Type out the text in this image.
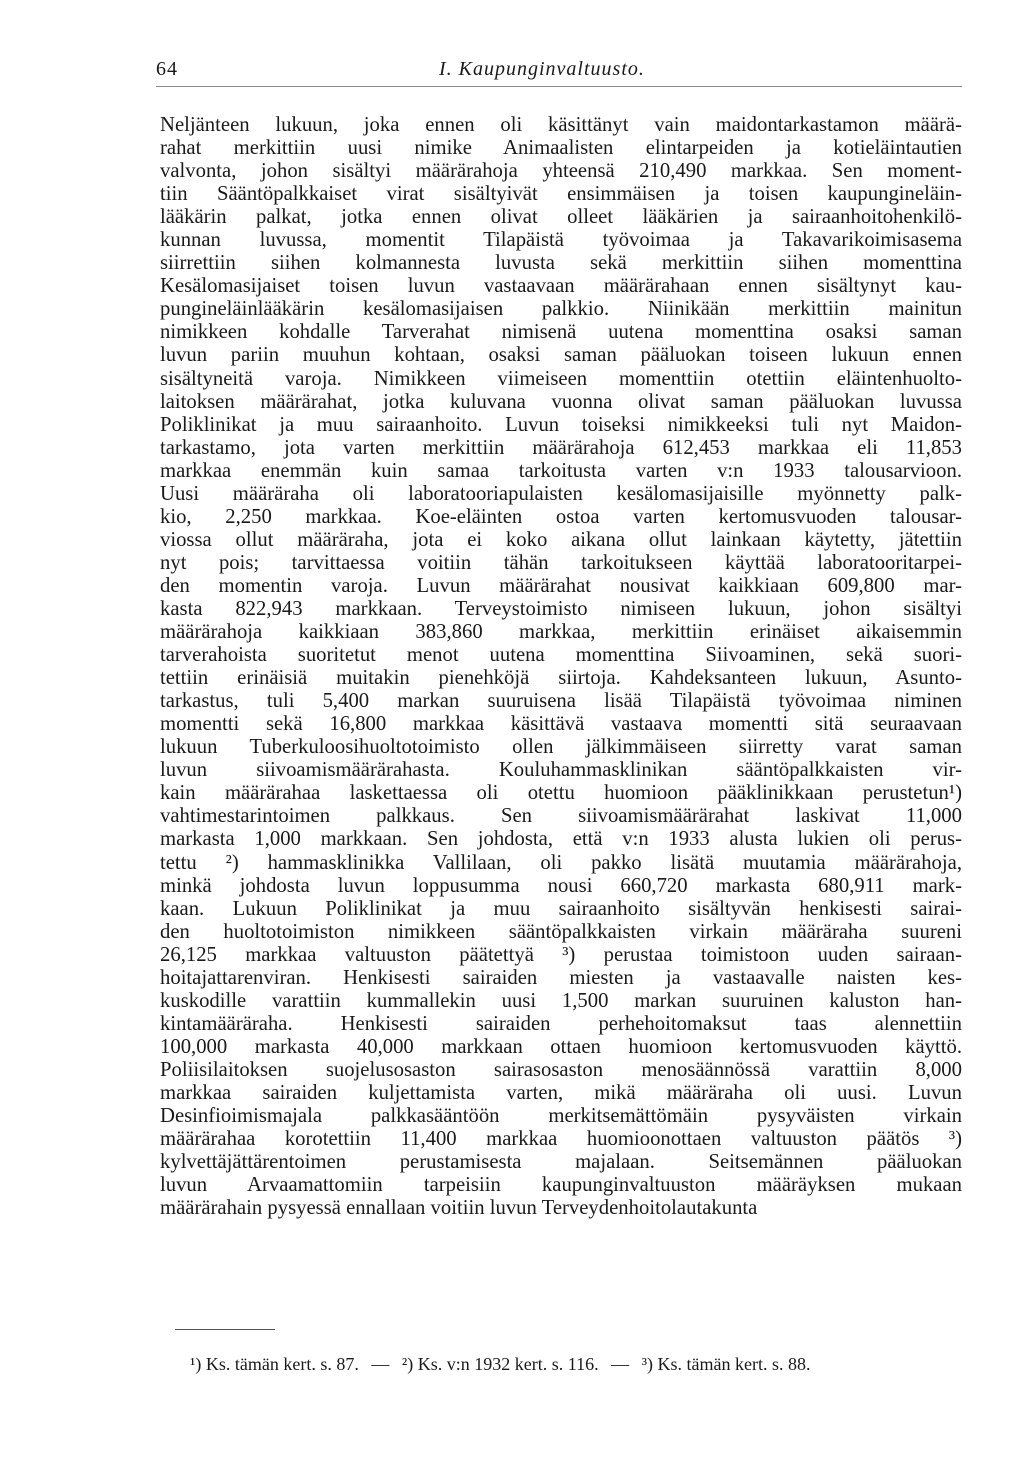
64	I. Kaupunginvaltuusto.
Neljänteen lukuun, joka ennen oli käsittänyt vain maidontarkastamon määrä-
rahat merkittiin uusi nimike Animaalisten elintarpeiden ja kotieläintautien
valvonta, johon sisältyi määrärahoja yhteensä 210,490 markkaa. Sen moment-
tiin Sääntöpalkkaiset virat sisältyivät ensimmäisen ja toisen kaupungineläin-
lääkärin palkat, jotka ennen olivat olleet lääkärien ja sairaanhoitohenkilö-
kunnan luvussa, momentit Tilapäistä työvoimaa ja Takavarikoimisasema
siirrettiin siihen kolmannesta luvusta sekä merkittiin siihen momenttina
Kesälomasijaiset toisen luvun vastaavaan määrärahaan ennen sisältynyt kau-
pungineläinlääkärin kesälomasijaisen palkkio. Niinikään merkittiin mainitun
nimikkeen kohdalle Tarverahat nimisenä uutena momenttina osaksi saman
luvun pariin muuhun kohtaan, osaksi saman pääluokan toiseen lukuun ennen
sisältyneitä varoja. Nimikkeen viimeiseen momenttiin otettiin eläintenhuolto-
laitoksen määrärahat, jotka kuluvana vuonna olivat saman pääluokan luvussa
Poliklinikat ja muu sairaanhoito. Luvun toiseksi nimikkeeksi tuli nyt Maidon-
tarkastamo, jota varten merkittiin määrärahoja 612,453 markkaa eli 11,853
markkaa enemmän kuin samaa tarkoitusta varten v:n 1933 talousarvioon.
Uusi määräraha oli laboratooriapulaisten kesälomasijaisille myönnetty palk-
kio, 2,250 markkaa. Koe-eläinten ostoa varten kertomusvuoden talousar-
viossa ollut määräraha, jota ei koko aikana ollut lainkaan käytetty, jätettiin
nyt pois; tarvittaessa voitiin tähän tarkoitukseen käyttää laboratooritarpei-
den momentin varoja. Luvun määrärahat nousivat kaikkiaan 609,800 mar-
kasta 822,943 markkaan. Terveystoimisto nimiseen lukuun, johon sisältyi
määrärahoja kaikkiaan 383,860 markkaa, merkittiin erinäiset aikaisemmin
tarverahoista suoritetut menot uutena momenttina Siivoaminen, sekä suori-
tettiin erinäisiä muitakin pienehköjä siirtoja. Kahdeksanteen lukuun, Asunto-
tarkastus, tuli 5,400 markan suuruisena lisää Tilapäistä työvoimaa niminen
momentti sekä 16,800 markkaa käsittävä vastaava momentti sitä seuraavaan
lukuun Tuberkuloosihuoltotoimisto ollen jälkimmäiseen siirretty varat saman
luvun siivoamismäärärahasta. Kouluhammasklinikan sääntöpalkkaisten vir-
kain määrärahaa laskettaessa oli otettu huomioon pääklinikkaan perustetun¹)
vahtimestarintoimen palkkaus. Sen siivoamismäärärahat laskivat 11,000
markasta 1,000 markkaan. Sen johdosta, että v:n 1933 alusta lukien oli perus-
tettu ²) hammasklinikka Vallilaan, oli pakko lisätä muutamia määrärahoja,
minkä johdosta luvun loppusumma nousi 660,720 markasta 680,911 mark-
kaan. Lukuun Poliklinikat ja muu sairaanhoito sisältyvän henkisesti sairai-
den huoltotoimiston nimikkeen sääntöpalkkaisten virkain määräraha suureni
26,125 markkaa valtuuston päätettyä ³) perustaa toimistoon uuden sairaan-
hoitajattarenviran. Henkisesti sairaiden miesten ja vastaavalle naisten kes-
kuskodille varattiin kummallekin uusi 1,500 markan suuruinen kaluston han-
kintamääräraha. Henkisesti sairaiden perhehoitomaksut taas alennettiin
100,000 markasta 40,000 markkaan ottaen huomioon kertomusvuoden käyttö.
Poliisilaitoksen suojelusosaston sairasosaston menosäännössä varattiin 8,000
markkaa sairaiden kuljettamista varten, mikä määräraha oli uusi. Luvun
Desinfioimismajala palkkasääntöön merkitsemättömäin pysyväisten virkain
määrärahaa korotettiin 11,400 markkaa huomioonottaen valtuuston päätös ³)
kylvettäjättärentoimen perustamisesta majalaan. Seitsemännen pääluokan
luvun Arvaamattomiin tarpeisiin kaupunginvaltuuston määräyksen mukaan
määrärahain pysyessä ennallaan voitiin luvun Terveydenhoitolautakunta
¹) Ks. tämän kert. s. 87. — ²) Ks. v:n 1932 kert. s. 116. — ³) Ks. tämän kert. s. 88.
